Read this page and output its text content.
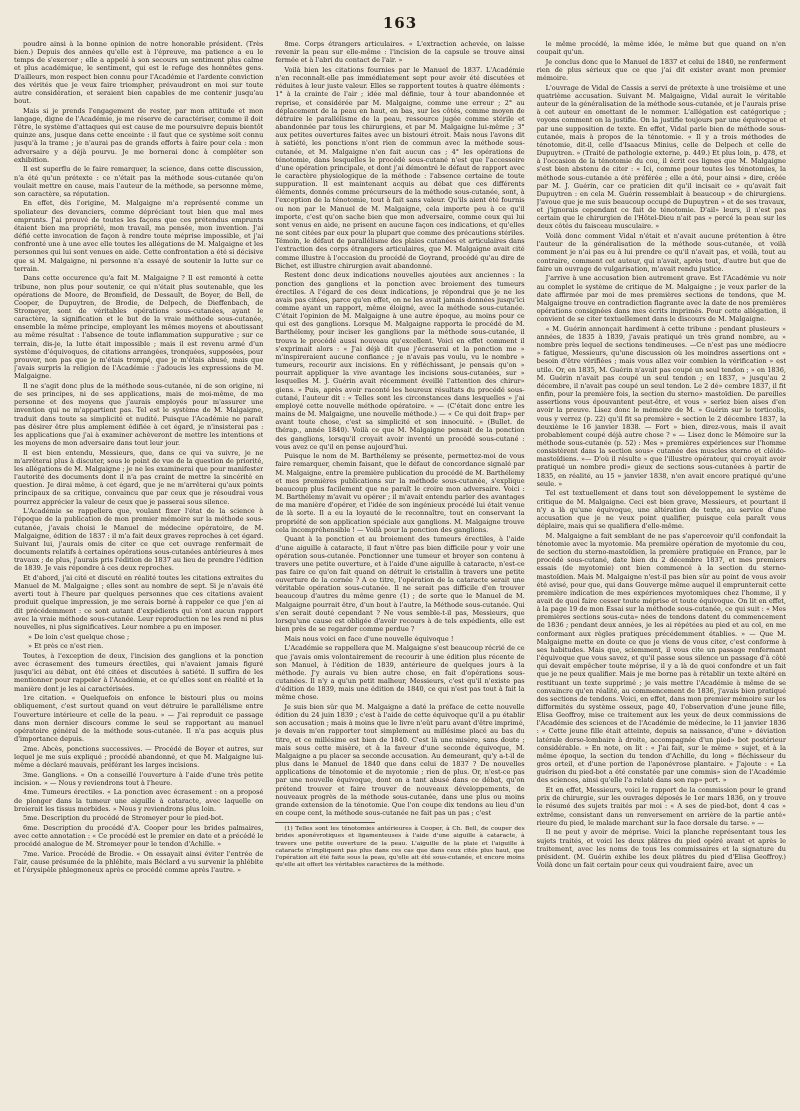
163

poudre ainsi à la bonne opinion de notre honorable président. (Très bien.) Depuis des années qu'elle est à l'épreuve, ma patience a eu le temps de s'exercer ; elle a appelé à son secours un sentiment plus calme et plus académique, le sentiment, qui est le refuge des honnêtes gens. D'ailleurs, mon respect bien connu pour l'Académie et l'ardente conviction des vérités que je veux faire triompher, prévaudront en moi sur toute autre considération, et seraient bien capables de me contenir jusqu'au bout.

Mais si je prends l'engagement de rester, par mon attitude et mon langage, digne de l'Académie, je me réserve de caractériser, comme il doit l'être, le système d'attaques qui est cause de me poursuivre depuis bientôt quinze ans, jusque dans cette enceinte : il faut que ce système soit connu jusqu'à la trame ; je n'aurai pas de grands efforts à faire pour cela : mon adversaire y a déjà pourvu. Je me bornerai donc à compléter son exhibition.

Il est superflu de le faire remarquer, la science, dans cette discussion, n'a été qu'un prétexte : ce n'était pas la méthode sous-cutanée qu'on voulait mettre en cause, mais l'auteur de la méthode, sa personne même, son caractère, sa réputation.

En effet, dès l'origine, M. Malgaigne m'a représenté comme un spoliateur des devanciers, comme dépréciant tout bien que mal mes emprunts. J'ai prouvé de toutes les façons que ces prétendus emprunts étaient bien ma propriété, mon travail, ma pensée, mon invention. J'ai défié cette invocation de façon à rendre toute méprise impossible, et j'ai confronté une à une avec elle toutes les allégations de M. Malgaigne et les personnes qui lui sont venues en aide. Cette confrontation a été si décisive que si M. Malgaigne, ni personne n'a essayé de soutenir la lutte sur ce terrain.

Dans cette occurence qu'a fait M. Malgaigne ? Il est remonté à cette tribune, non plus pour soutenir, ce qui n'était plus soutenable, que les opérations de Moore, de Bromfield, de Dessault, de Boyer, de Bell, de Cooper, de Dupuytren, de Brodie, de Delpech, de Dieffenbach, de Stromeyer, sont de véritables opérations sous-cutanées, ayant le caractère, la signification et le but de la vraie méthode sous-cutanée, ensemble la même principe, employant les mêmes moyens et aboutissant au même résultat : l'absence de toute inflammation suppurative ; sur ce terrain, dis-je, la lutte était impossible ; mais il est revenu armé d'un système d'équivoques, de citations arrangées, tronquées, supposées, pour prouver, non pas que je m'étais trompé, que je m'étais abusé, mais que j'avais surpris la religion de l'Académie : j'adoucis les expressions de M. Malgaigne.

Il ne s'agit donc plus de la méthode sous-cutanée, ni de son origine, ni de ses principes, ni de ses applications, mais de moi-même, de ma personne et des moyens que j'aurais employés pour m'assurer une invention qui ne m'appartient pas. Tel est le système de M. Malgaigne, traduit dans toute sa simplicité et nudité. Puisque l'Académie ne paraît pas désirer être plus amplement édifiée à cet égard, je n'insisterai pas : les applications que j'ai à examiner achèveront de mettre les intentions et les moyens de mon adversaire dans tout leur jour.

Il est bien entendu, Messieurs, que, dans ce qui va suivre, je ne m'arrêterai plus à discuter, sous le point de vue de la question de priorité, les allégations de M. Malgaigne ; je ne les examinerai que pour manifester l'autorité des documents dont il n'a pas craint de mettre la sincérité en question. Je dirai même, à cet égard, que je ne m'arrêterai qu'aux points principaux de sa critique, convaincu que par ceux que je résoudrai vous pourrez apprécier la valeur de ceux que je passerai sous silence.

L'Académie se rappellera que, voulant fixer l'état de la science à l'époque de la publication de mon premier mémoire sur la méthode sous-cutanée, j'avais choisi le Manuel de médecine opératoire, de M. Malgaigne, édition de 1837 : il m'a fait deux graves reproches à cet égard. Suivant lui, j'aurais omis de citer ce que cet ouvrage renfermait de documents relatifs à certaines opérations sous-cutanées antérieures à mes travaux ; de plus, j'aurais pris l'édition de 1837 au lieu de prendre l'édition de 1839. Je vais répondre à ces deux reproches.

Et d'abord, j'ai cité et discuté en réalité toutes les citations extraites du Manuel de M. Malgaigne ; elles sont au nombre de sept. Si je n'avais été averti tout à l'heure par quelques personnes que ces citations avaient produit quelque impression, je me serais borné à rappeler ce que j'en ai dit précédemment : ce sont autant d'expédients qui n'ont aucun rapport avec la vraie méthode sous-cutanée. Leur reproduction ne les rend ni plus nouvelles, ni plus significatives. Leur nombre a pu en imposer.

» De loin c'est quelque chose ;

» Et près ce n'est rien.

Toutes, à l'exception de deux, l'incision des ganglions et la ponction avec écrasement des tumeurs érectiles, qui n'avaient jamais figuré jusqu'ici au débat, ont été citées et discutées à satiété. Il suffira de les mentionner pour rappeler à l'Académie, et ce qu'elles sont en réalité et la manière dont je les ai caractérisées.

1re citation. « Quelquefois on enfonce le bistouri plus ou moins obliquement, c'est surtout quand on veut détruire le parallélisme entre l'ouverture intérieure et celle de la peau. » — J'ai reproduit ce passage dans mon dernier discours comme le seul se rapportant au manuel opératoire général de la méthode sous-cutanée. Il n'a pas acquis plus d'importance depuis.

2me. Abcès, ponctions successives. — Procédé de Boyer et autres, sur lequel je me suis expliqué ; procédé abandonné, et que M. Malgaigne lui-même a déclaré mauvais, préférant les larges incisions.

3me. Ganglions. « On a conseillé l'ouverture à l'aide d'une très petite incision. » — Nous y reviendrons tout à l'heure.

4me. Tumeurs érectiles. « La ponction avec écrasement : on a proposé de plonger dans la tumeur une aiguille à cataracte, avec laquelle on broierait les tissus morbides. » Nous y reviendrons plus loin.

5me. Description du procédé de Stromeyer pour le pied-bot.

6me. Description du procédé d'A. Cooper pour les brides palmaires, avec cette annotation : « Ce procédé est le premier en date et a précédé le procédé analogue de M. Stromeyer pour le tendon d'Achille. »

7me. Varice. Procédé de Brodie. « On essayait ainsi éviter l'entrée de l'air, cause présumée de la phlébite, mais Béclard a vu survenir la phlébite et l'érysipèle phlegmoneux après ce procédé comme après l'autre. »

8me. Corps étrangers articulaires. « L'extraction achevée, on laisse revenir la peau sur elle-même : l'incision de la capsule se trouve ainsi fermée et à l'abri du contact de l'air. »

Voilà bien les citations fournies par le Manuel de 1837. L'Académie n'en reconnaît-elle pas immédiatement sept pour avoir été discutées et réduites à leur juste valeur. Elles se rapportent toutes à quatre éléments : 1° à la crainte de l'air ; idée mal définie, tour à tour abandonnée et reprise, et considérée par M. Malgaigne, comme une erreur ; 2° au déplacement de la peau en haut, en bas, sur les côtés, comme moyen de détruire le parallélisme de la peau, ressource jugée comme stérile et abandonnée par tous les chirurgiens, et par M. Malgaigne lui-même ; 3° aux petites ouvertures faites avec un bistouri étroit. Mais nous l'avons dit à satiété, les ponctions n'ont rien de commun avec la méthode sous-cutanée, et M. Malgaigne n'en fait aucun cas ; 4° les opérations de ténotomie, dans lesquelles le procédé sous-cutané n'est que l'accessoire d'une opération principale, et dont j'ai démontré le défaut de rapport avec le caractère physiologique de la méthode : l'absence certaine de toute suppuration. Il est maintenant acquis au débat que ces différents éléments, donnés comme précurseurs de la méthode sous-cutanée, sont, à l'exception de la ténotomie, tout à fait sans valeur. Qu'ils aient été fournis ou non par le Manuel de M. Malgaigne, cela importe peu à ce qu'il importe, c'est qu'on sache bien que mon adversaire, comme ceux qui lui sont venus en aide, ne prisent en aucune façon ces indications, et qu'elles ne sont citées par eux pour la plupart que comme des précautions stériles. Témoin, le défaut de parallélisme des plaies cutanées et articulaires dans l'extraction des corps étrangers articulaires, que M. Malgaigne avait cité comme illustre à l'occasion du procédé de Goyrand, procédé qu'au dire de Bichet, est illustre chirurgien avait abandonné.

Restent donc deux indications nouvelles ajoutées aux anciennes : la ponction des ganglions et la ponction avec broiement des tumeurs érectiles. A l'égard de ces deux indications, je répondrai que je ne les avais pas citées, parce qu'en effet, on ne les avait jamais données jusqu'ici comme ayant un rapport, même éloigné, avec la méthode sous-cutanée. C'était l'opinion de M. Malgaigne à une autre époque, au moins pour ce qui est des ganglions. Lorsque M. Malgaigne rapporta le procédé de M. Barthélemy, pour inciser les ganglions par la méthode sous-cutanée, il trouva le procédé aussi nouveau qu'excellent. Voici en effet comment il s'exprimait alors : « J'ai déjà dit que j'écraserai et la ponction me » m'inspireraient aucune confiance ; je n'avais pas voulu, vu le nombre » tumeurs, recourir aux incisions. En y réfléchissant, je pensais qu'on » pourrait appliquer la vive avantage les incisions sous-cutanées, sur » lesquelles M. J. Guérin avait récemment éveillé l'attention des chirur» giens. » Puis, après avoir raconté les heureux résultats du procédé sous-cutané, l'auteur dit : « Telles sont les circonstances dans lesquelles » j'ai employé cette nouvelle méthode opératoire. » — (C'était donc entre les mains de M. Malgaigne, une nouvelle méthode.) — « Ce qui doit frap» per avant toute chose, c'est sa simplicité et son innocuité. » (Bullet. de thérap., année 1840). Voilà ce que M. Malgaigne pensait de la ponction des ganglions, lorsqu'il croyait avoir inventé un procédé sous-cutané : vous avez ce qu'il en pense aujourd'hui.

Puisque le nom de M. Barthélemy se présente, permettez-moi de vous faire remarquer, chemin faisant, que le défaut de concordance signalé par M. Malgaigne, entre la première publication du procédé de M. Barthélemy et mes premières publications sur la méthode sous-cutanée, s'explique beaucoup plus facilement que ne paraît le croire mon adversaire. Voici : M. Barthélemy m'avait vu opérer ; il m'avait entendu parler des avantages de ma manière d'opérer, et l'idée de son ingénieux procédé lui était venue de là sorte. Il a eu la loyauté de le reconnaître, tout en conservant la propriété de son application spéciale aux ganglions. M. Malgaigne trouve cela incompréhensible ! — Voilà pour la ponction des ganglions.

Quant à la ponction et au broiement des tumeurs érectiles, à l'aide d'une aiguille à cataracte, il faut n'être pas bien difficile pour y voir une opération sous-cutanée. Ponctionner une tumeur et broyer son contenu à travers une petite ouverture, et à l'aide d'une aiguille à cataracte, n'est-ce pas faire ce qu'on fait quand on détruit le cristallin à travers une petite ouverture de la cornée ? A ce titre, l'opération de la cataracte serait une véritable opération sous-cutanée. Il ne serait pas difficile d'en trouver beaucoup d'autres du même genre (1) ; de sorte que le Manuel de M. Malgaigne pourrait être, d'un bout à l'autre, la Méthode sous-cutanée. Qui s'en serait douté cependant ? Ne vous semble-t-il pas, Messieurs, que lorsqu'une cause est obligée d'avoir recours à de tels expédients, elle est bien près de se regarder comme perdue ?

Mais nous voici en face d'une nouvelle équivoque !

L'Académie se rappellera que M. Malgaigne s'est beaucoup récrié de ce que j'avais omis volontairement de recourir à une édition plus récente de son Manuel, à l'édition de 1839, antérieure de quelques jours à la méthode. J'y aurais vu bien autre chose, en fait d'opérations sous-cutanées. Il n'y a qu'un petit malheur, Messieurs, c'est qu'il n'existe pas d'édition de 1839, mais une édition de 1840, ce qui n'est pas tout à fait la même chose.

Je suis bien sûr que M. Malgaigne a daté la préface de cette nouvelle édition du 24 juin 1839 ; c'est à l'aide de cette équivoque qu'il a pu établir son accusation ; mais à moins que le livre n'eût paru avant d'être imprimé, je devais m'en rapporter tout simplement au millésime placé au bas du titre, et ce millésime est bien de 1840. C'est là une misère, sans doute ; mais sous cette misère, et à la faveur d'une seconde équivoque, M. Malgaigne a pu placer sa seconde accusation. Au demeurant, qu'y a-t-il de plus dans le Manuel de 1840 que dans celui de 1837 ? De nouvelles applications de ténotomie et de myotomie ; rien de plus. Or, n'est-ce pas par une nouvelle équivoque, dont on a tant abusé dans ce débat, qu'on prétend trouver et faire trouver de nouveaux développements, de nouveaux progrès de la méthode sous-cutanée, dans une plus ou moins grande extension de la ténotomie. Que l'on coupe dix tendons au lieu d'un en coupe cent, la méthode sous-cutanée ne fait pas un pas ; c'est

(1) Telles sont les ténotomies antérieures à Cooper, à Ch. Bell, de couper des brides aponévrotiques et ligamenteuses à l'aide d'une aiguille à cataracte, à travers une petite ouverture de la peau. L'aiguille de la plaie et l'aiguille à cataracte n'impliquent pas plus dans ces cas que dans ceux cités plus haut, que l'opération ait été faite sous la peau, qu'elle ait été sous-cutanée, et encore moins qu'elle ait offert les véritables caractères de la méthode.

le même procédé, la même idée, le même but que quand on n'en coupait qu'un.

Je conclus donc que le Manuel de 1837 et celui de 1840, ne renferment rien de plus sérieux que ce que j'ai dit exister avant mon premier mémoire.

L'ouvrage de Vidal de Cassis a servi de prétexte à une troisième et une quatrième accusation. Suivant M. Malgaigne, Vidal aurait le véritable auteur de la généralisation de la méthode sous-cutanée, et je l'aurais prise à cet auteur en omettant de le nommer. L'allégation est catégorique ; voyons comment on la justifie. On la justifie toujours par une équivoque et par une supposition de texte. En effet, Vidal parle bien de méthode sous-cutanée, mais à propos de la ténotomie. « Il y a trois méthodes de ténotomie, dit-il, celle d'Isaacus Minius, celle de Delpech et celle de Dupuytren. » (Traité de pathologie externe, p. 449.) Et plus loin, p. 478, et à l'occasion de la ténotomie du cou, il écrit ces lignes que M. Malgaigne s'est bien abstenu de citer : « Ici, comme pour toutes les ténotomies, la méthode sous-cutanée a été préférée ; elle a été, pour ainsi » dire, créée par M. J. Guérin, car ce praticien dit qu'il incisait ce » qu'avait fait Dupuytren : en cela M. Guérin ressemblait à beaucoup » de chirurgiens. J'avoue que je me suis beaucoup occupé de Dupuytren » et de ses travaux, et j'ignorais cependant ce fait de ténotomie. D'ail» leurs, il n'est pas certain que le chirurgien de l'Hôtel-Dieu n'ait pas » percé la peau sur les deux côtés du faisceau musculaire. »

Voilà donc comment Vidal n'était et n'avait aucune prétention à être l'auteur de la généralisation de la méthode sous-cutanée, et voilà comment je n'ai pas eu à lui prendre ce qu'il n'avait pas, et voilà, tout au contraire, comment cet auteur, qui n'avait, après tout, d'autre but que de faire un ouvrage de vulgarisation, m'avait rendu justice.

J'arrive à une accusation bien autrement grave. Est l'Académie vu noir au complet le système de critique de M. Malgaigne ; je veux parler de la date affirmée par moi de mes premières sections de tendons, que M. Malgaigne trouve en contradiction flagrante avec la date de nos premières opérations consignées dans mes écrits imprimés. Pour cette allégation, il convient de se citer textuellement dans le discours de M. Malgaigne.

« M. Guérin annonçait hardiment à cette tribune : pendant plusieurs » années, de 1835 à 1839, j'avais pratiqué un très grand nombre, au » nombre près lequel de sections tendineuses. —Ce n'est pas une médiocre » fatigue, Messieurs, qu'une discussion où les moindres assertions ont » besoin d'être vérifiées ; mais vous allez voir combien la vérification » est utile. Or, en 1835, M. Guérin n'avait pas coupé un seul tendon ; » en 1836, M. Guérin n'avait pas coupé un seul tendon ; en 1837, » jusqu'au 2 décembre, il n'avait pas coupé un seul tendon. Le 2 dé» cembre 1837, il fit enfin, pour la première fois, la section du sterno» mastoïdien. De pareilles assertions vous épouvantent peut-être, et vous » seriez bien aises d'en avoir la preuve. Lisez donc le mémoire de M. » Guérin sur le torticolis, vous y verrez (p. 22) qu'il fit sa première » section le 2 décembre 1837, la deuxième le 16 janvier 1838. — Fort » bien, direz-vous, mais il avait probablement coupé déjà autre chose ? » — Lisez donc le Mémoire sur la méthode sous-cutanée (p. 52) : Mes » premières expériences sur l'homme consistèrent dans la section sous» cutanée des muscles sterno et cléido-mastoïdiens. »— D'où il résulte » que l'illustre opérateur, qui croyait avoir pratiqué un nombre prodi» gieux de sections sous-cutanées à partir de 1835, en réalité, au 15 » janvier 1838, n'en avait encore pratiqué qu'une seule. »

Tel est textuellement et dans tout son développement le système de critique de M. Malgaigne. Ceci est bien grave, Messieurs, et pourtant il n'y a là qu'une équivoque, une altération de texte, au service d'une accusation que je ne veux point qualifier, puisque cela paraît vous déplaire, mais qui se qualifiera d'elle-même.

M. Malgaigne a fait semblant de ne pas s'apercevoir qu'il confondait la ténotomie avec la myotomie. Ma première opération de myotomie du cou, de section du sterno-mastoïdien, la première pratiquée en France, par le procédé sous-cutané, date bien du 2 décembre 1837, et mes premiers essais (de myotomie) ont bien commencé à la section du sterno-mastoïdien. Mais M. Malgaigne n'est-il pas bien sûr au point de vous avoir été avisé, pour que, qui dans Gouverge même auquel il emprunterait cette première indication de mes expériences myotomiques chez l'homme, il y avait de quoi faire cesser toute méprise et toute équivoque. On lit en effet, à la page 19 de mon Essai sur la méthode sous-cutanée, ce qui suit : « Mes premières sections sous-cuta» nées de tendons datent du commencement de 1836 ; pendant deux années, je les ai répétées au pied et au col, en me conformant aux règles pratiques précédemment établies. » — Que M. Malgaigne mette en doute ce que je viens de vous citer, c'est conforme à ses habitudes. Mais que, sciemment, il vous cite un passage renfermant l'équivoque que vous savez, et qu'il passe sous silence un passage d'à côté qui devait empêcher toute méprise, il y a là de quoi confondre et un fait que je ne peux qualifier. Mais je me borne pas à rétablir un texte altéré en restituant un texte supprimé ; je vais mettre l'Académie à même de se convaincre qu'en réalité, au commencement de 1836, j'avais bien pratiqué des sections de tendons. Voici, en effet, dans mon premier mémoire sur les difformités du système osseux, page 40, l'observation d'une jeune fille, Elisa Geoffroy, mise ce traitement aux les yeux de deux commissions de l'Académie des sciences et de l'Académie de médecine, le 11 janvier 1836 : « Cette jeune fille était atteinte, depuis sa naissance, d'une » déviation latérale dorso-lombaire à droite, accompagnée d'un pied» bot postérieur considérable. » En note, on lit : « J'ai fait, sur le même » sujet, et à la même époque, la section du tendon d'Achille, du long » fléchisseur du gros orteil, et d'une portion de l'aponévrose plantaire. » J'ajoute : « La guérison du pied-bot a été constatée par une commis» sion de l'Académie des sciences, ainsi qu'elle l'a relaté dans son rap» port. »

Et en effet, Messieurs, voici le rapport de la commission pour le grand prix de chirurgie, sur les ouvrages déposés le 1er mars 1836, on y trouve le résumé des sujets traités par moi : « A ses de pied-bot, dont 4 cas » extrême, consistant dans un renversement en arrière de la partie anté» rieure du pied, le malade marchant sur la face dorsale du tarse. » —

Il ne peut y avoir de méprise. Voici la planche représentant tous les sujets traités, et voici les deux plâtres du pied opéré avant et après le traitement, avec les noms de tous les commissaires et la signature du président. (M. Guérin exhibe les deux plâtres du pied d'Elisa Geoffroy.) Voilà donc un fait certain pour ceux qui voudraient faire, avec un
